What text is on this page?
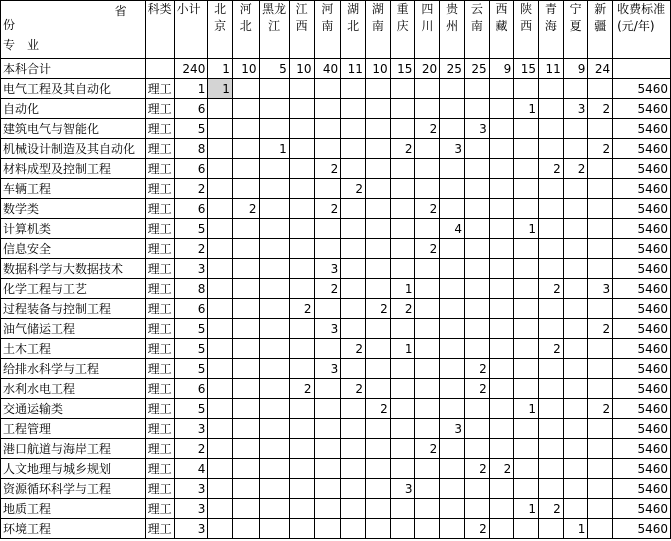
省
份
专　业	科类	小计	北京	河北	黑龙江	江西	河南	湖北	湖南	重庆	四川	贵州	云南	西藏	陕西	青海	宁夏	新疆	收费标准(元/年)
本科合计		240	1	10	5	10	40	11	10	15	20	25	25	9	15	11	9	24	
电气工程及其自动化	理工	1	1																5460
自动化	理工	6													1		3	2	5460
建筑电气与智能化	理工	5									2		3						5460
机械设计制造及其自动化	理工	8			1					2		3						2	5460
材料成型及控制工程	理工	6					2									2	2		5460
车辆工程	理工	2						2											5460
数学类	理工	6		2			2				2								5460
计算机类	理工	5										4			1				5460
信息安全	理工	2									2								5460
数据科学与大数据技术	理工	3					3												5460
化学工程与工艺	理工	8					2			1						2		3	5460
过程装备与控制工程	理工	6				2			2	2									5460
油气储运工程	理工	5					3											2	5460
土木工程	理工	5						2		1						2			5460
给排水科学与工程	理工	5					3						2						5460
水利水电工程	理工	6				2		2					2						5460
交通运输类	理工	5							2						1			2	5460
工程管理	理工	3										3							5460
港口航道与海岸工程	理工	2									2								5460
人文地理与城乡规划	理工	4											2	2					5460
资源循环科学与工程	理工	3								3									5460
地质工程	理工	3													1	2			5460
环境工程	理工	3											2				1		5460
